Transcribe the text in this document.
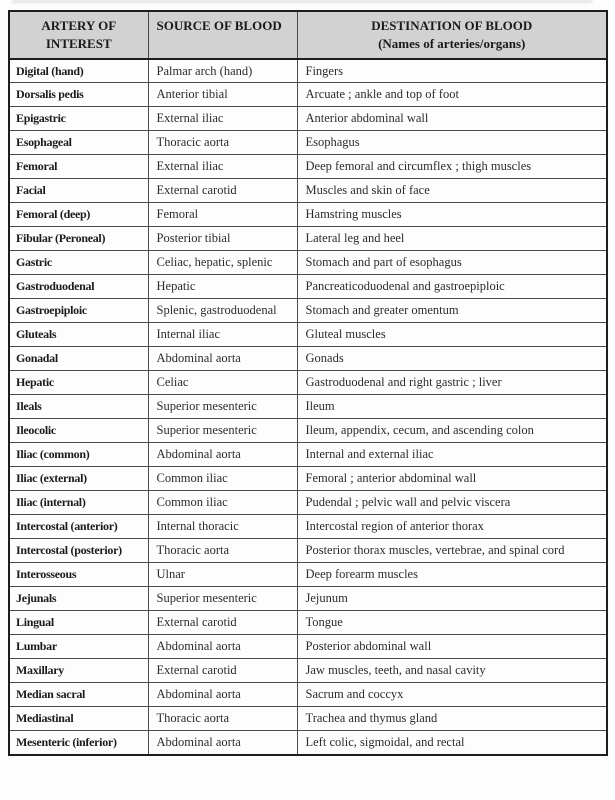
ARTERY OF
INTEREST	SOURCE OF BLOOD	DESTINATION OF BLOOD
(Names of arteries/organs)
Digital (hand)	Palmar arch (hand)	Fingers
Dorsalis pedis	Anterior tibial	Arcuate ; ankle and top of foot
Epigastric	External iliac	Anterior abdominal wall
Esophageal	Thoracic aorta	Esophagus
Femoral	External iliac	Deep femoral and circumflex ; thigh muscles
Facial	External carotid	Muscles and skin of face
Femoral (deep)	Femoral	Hamstring muscles
Fibular (Peroneal)	Posterior tibial	Lateral leg and heel
Gastric	Celiac, hepatic, splenic	Stomach and part of esophagus
Gastroduodenal	Hepatic	Pancreaticoduodenal and gastroepiploic
Gastroepiploic	Splenic, gastroduodenal	Stomach and greater omentum
Gluteals	Internal iliac	Gluteal muscles
Gonadal	Abdominal aorta	Gonads
Hepatic	Celiac	Gastroduodenal and right gastric ; liver
Ileals	Superior mesenteric	Ileum
Ileocolic	Superior mesenteric	Ileum, appendix, cecum, and ascending colon
Iliac (common)	Abdominal aorta	Internal and external iliac
Iliac (external)	Common iliac	Femoral ; anterior abdominal wall
Iliac (internal)	Common iliac	Pudendal ; pelvic wall and pelvic viscera
Intercostal (anterior)	Internal thoracic	Intercostal region of anterior thorax
Intercostal (posterior)	Thoracic aorta	Posterior thorax muscles, vertebrae, and spinal cord
Interosseous	Ulnar	Deep forearm muscles
Jejunals	Superior mesenteric	Jejunum
Lingual	External carotid	Tongue
Lumbar	Abdominal aorta	Posterior abdominal wall
Maxillary	External carotid	Jaw muscles, teeth, and nasal cavity
Median sacral	Abdominal aorta	Sacrum and coccyx
Mediastinal	Thoracic aorta	Trachea and thymus gland
Mesenteric (inferior)	Abdominal aorta	Left colic, sigmoidal, and rectal
